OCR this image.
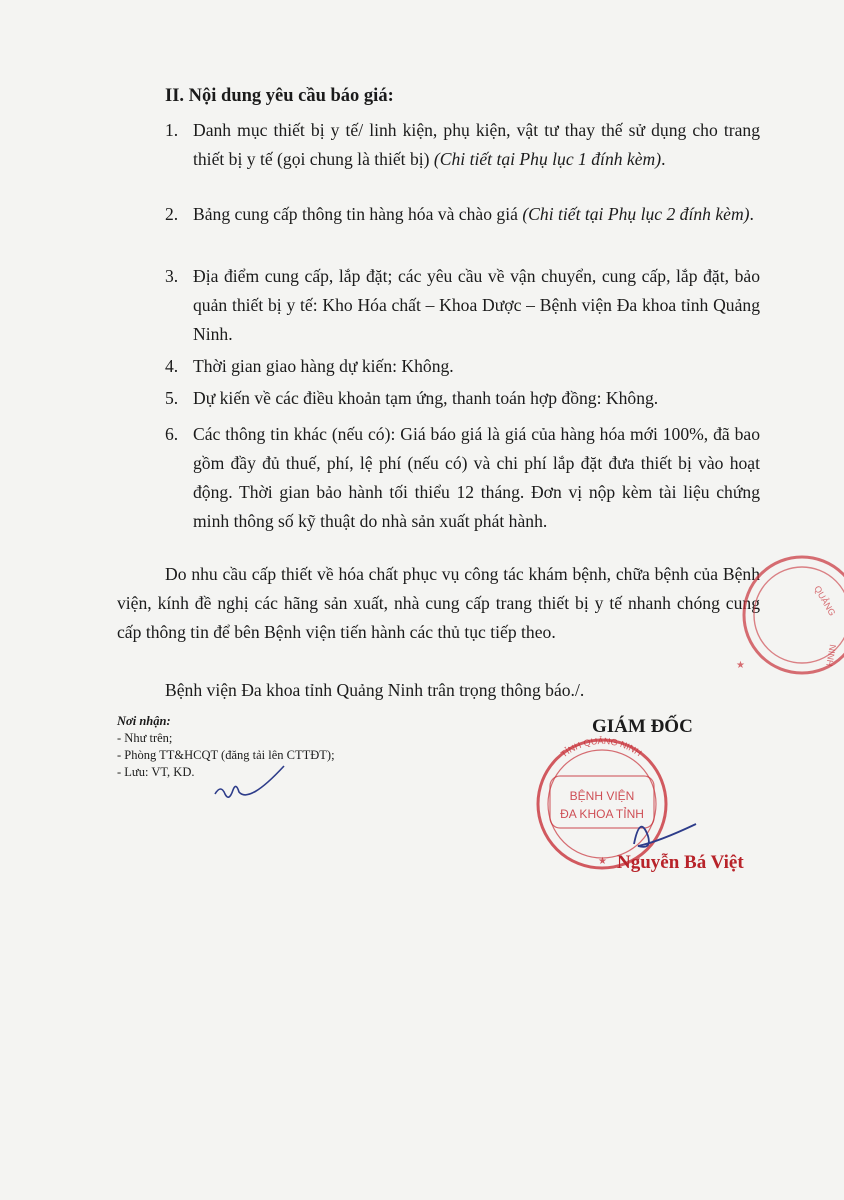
II. Nội dung yêu cầu báo giá:
1. Danh mục thiết bị y tế/ linh kiện, phụ kiện, vật tư thay thế sử dụng cho trang thiết bị y tế (gọi chung là thiết bị) (Chi tiết tại Phụ lục 1 đính kèm).
2. Bảng cung cấp thông tin hàng hóa và chào giá (Chi tiết tại Phụ lục 2 đính kèm).
3. Địa điểm cung cấp, lắp đặt; các yêu cầu về vận chuyển, cung cấp, lắp đặt, bảo quản thiết bị y tế: Kho Hóa chất – Khoa Dược – Bệnh viện Đa khoa tỉnh Quảng Ninh.
4. Thời gian giao hàng dự kiến: Không.
5. Dự kiến về các điều khoản tạm ứng, thanh toán hợp đồng: Không.
6. Các thông tin khác (nếu có): Giá báo giá là giá của hàng hóa mới 100%, đã bao gồm đầy đủ thuế, phí, lệ phí (nếu có) và chi phí lắp đặt đưa thiết bị vào hoạt động. Thời gian bảo hành tối thiểu 12 tháng. Đơn vị nộp kèm tài liệu chứng minh thông số kỹ thuật do nhà sản xuất phát hành.

Do nhu cầu cấp thiết về hóa chất phục vụ công tác khám bệnh, chữa bệnh của Bệnh viện, kính đề nghị các hãng sản xuất, nhà cung cấp trang thiết bị y tế nhanh chóng cung cấp thông tin để bên Bệnh viện tiến hành các thủ tục tiếp theo.

Bệnh viện Đa khoa tỉnh Quảng Ninh trân trọng thông báo./.

Nơi nhận:
- Như trên;
- Phòng TT&HCQT (đăng tải lên CTTĐT);
- Lưu: VT, KD.
QUẢNG
NINH
★
GIÁM ĐỐC
TỈNH QUẢNG NINH
BỆNH VIỆN
ĐA KHOA TỈNH
★ Nguyễn Bá Việt
